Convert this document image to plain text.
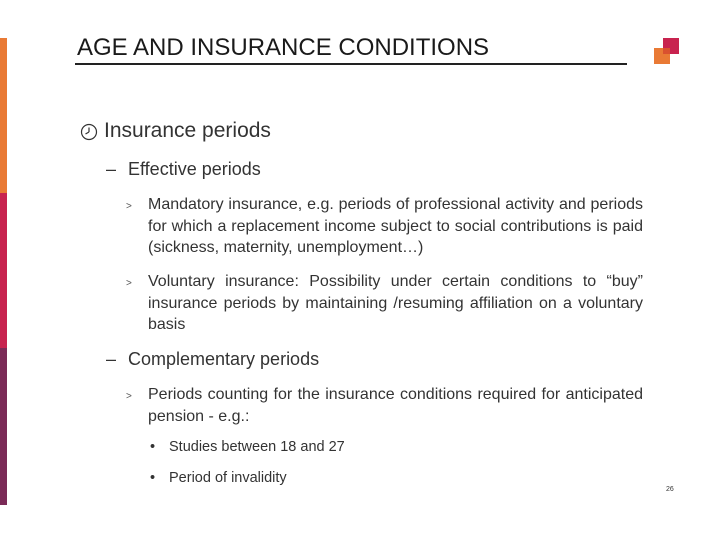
AGE AND INSURANCE CONDITIONS
Insurance periods
– Effective periods
> Mandatory insurance, e.g. periods of professional activity and periods for which a replacement income subject to social contributions is paid (sickness, maternity, unemployment…)
> Voluntary insurance: Possibility under certain conditions to “buy” insurance periods by maintaining /resuming affiliation on a voluntary basis
– Complementary periods
> Periods counting for the insurance conditions required for anticipated pension - e.g.:
• Studies between 18 and 27
• Period of invalidity
26
